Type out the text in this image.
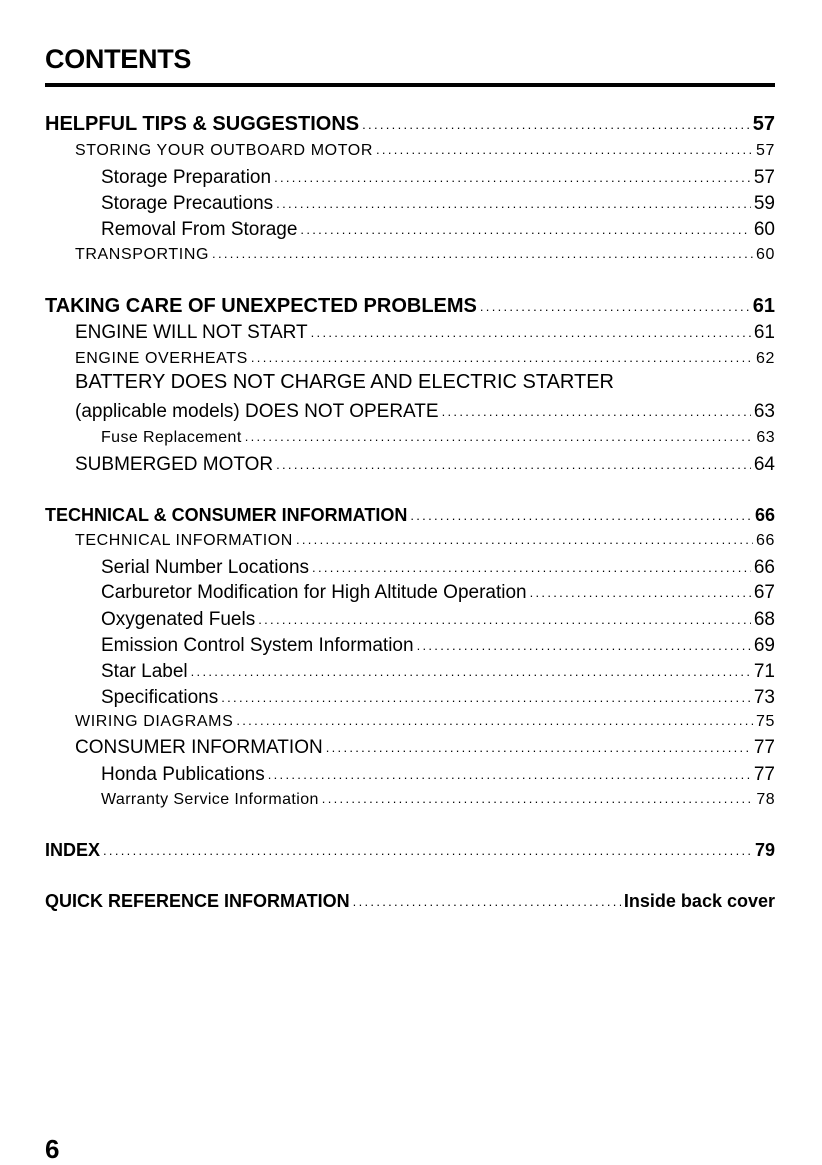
CONTENTS
HELPFUL TIPS & SUGGESTIONS .....	57
STORING YOUR OUTBOARD MOTOR .....	57
Storage Preparation .....	57
Storage Precautions .....	59
Removal From Storage .....	60
TRANSPORTING .....	60
TAKING CARE OF UNEXPECTED PROBLEMS .....	61
ENGINE WILL NOT START .....	61
ENGINE OVERHEATS .....	62
BATTERY DOES NOT CHARGE AND ELECTRIC STARTER
(applicable models) DOES NOT OPERATE .....	63
Fuse Replacement .....	63
SUBMERGED MOTOR .....	64
TECHNICAL & CONSUMER INFORMATION .....	66
TECHNICAL INFORMATION .....	66
Serial Number Locations .....	66
Carburetor Modification for High Altitude Operation .....	67
Oxygenated Fuels .....	68
Emission Control System Information .....	69
Star Label .....	71
Specifications .....	73
WIRING DIAGRAMS .....	75
CONSUMER INFORMATION .....	77
Honda Publications .....	77
Warranty Service Information .....	78
INDEX .....	79
QUICK REFERENCE INFORMATION .....	Inside back cover
6
